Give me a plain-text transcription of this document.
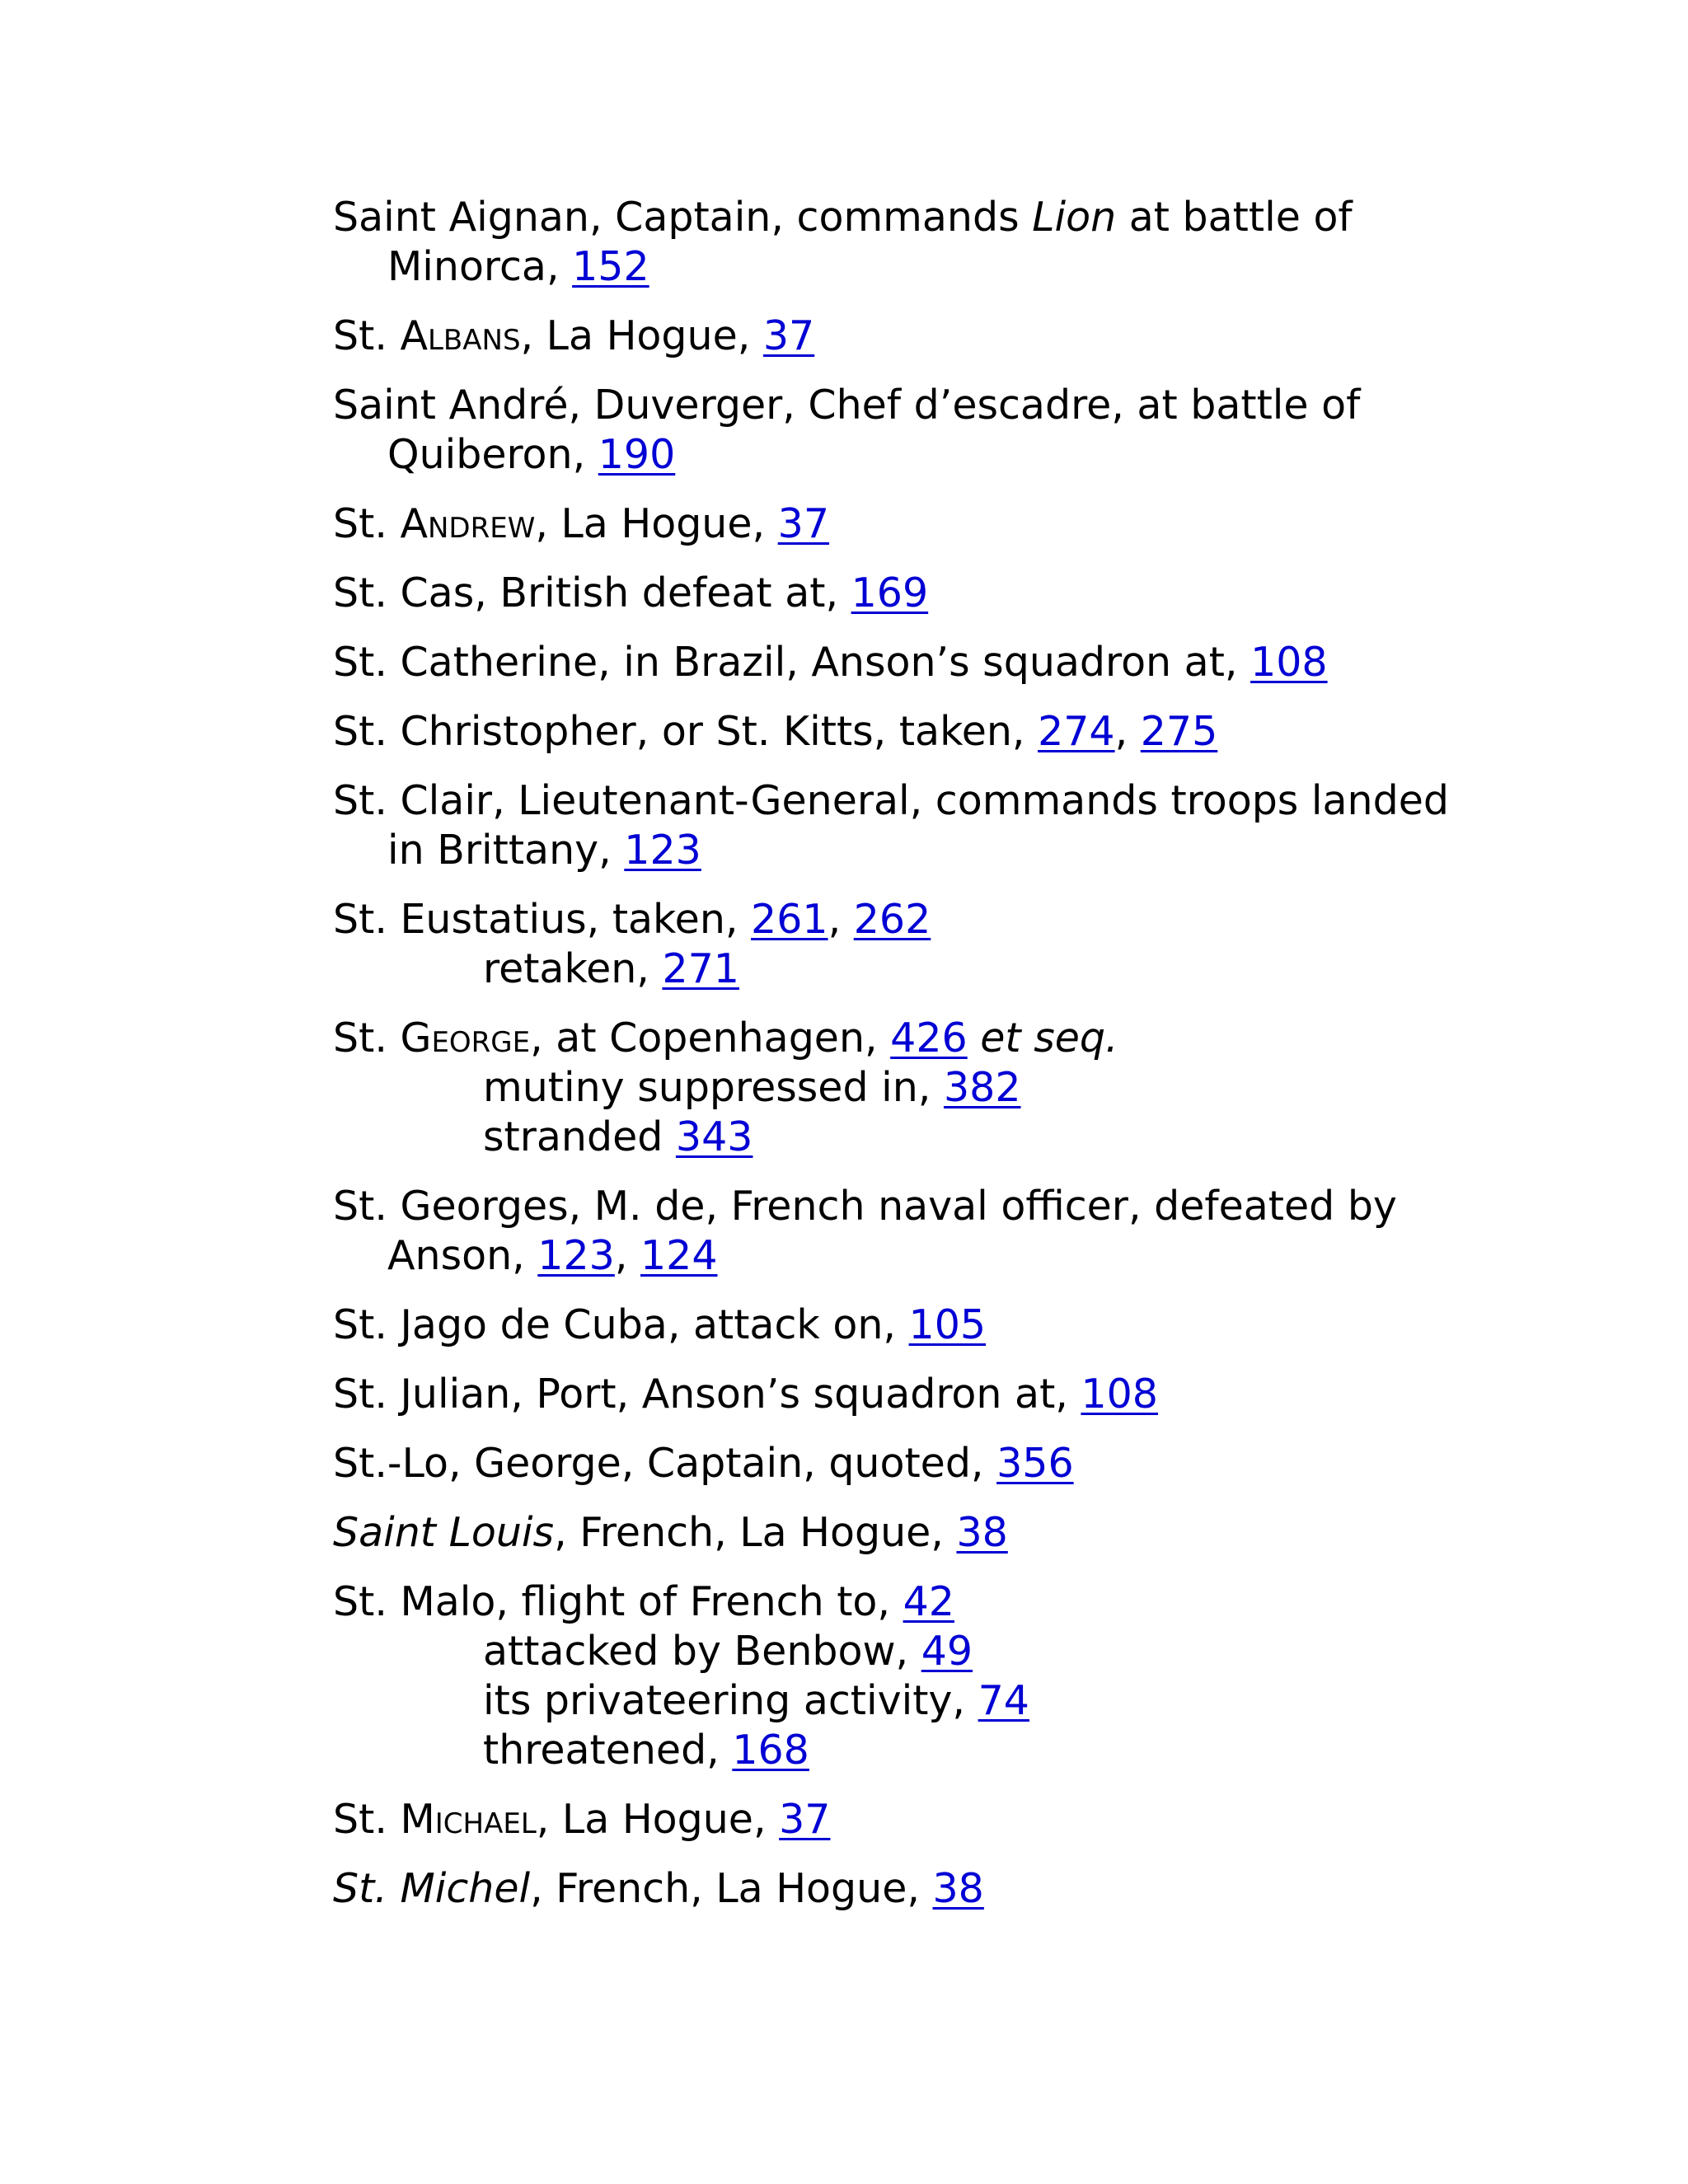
Saint Aignan, Captain, commands Lion at battle of Minorca, 152

St. Albans, La Hogue, 37

Saint André, Duverger, Chef d’escadre, at battle of Quiberon, 190

St. Andrew, La Hogue, 37

St. Cas, British defeat at, 169

St. Catherine, in Brazil, Anson’s squadron at, 108

St. Christopher, or St. Kitts, taken, 274, 275

St. Clair, Lieutenant-General, commands troops landed in Brittany, 123

St. Eustatius, taken, 261, 262
retaken, 271

St. George, at Copenhagen, 426 et seq.
mutiny suppressed in, 382
stranded 343

St. Georges, M. de, French naval officer, defeated by Anson, 123, 124

St. Jago de Cuba, attack on, 105

St. Julian, Port, Anson’s squadron at, 108

St.-Lo, George, Captain, quoted, 356

Saint Louis, French, La Hogue, 38

St. Malo, flight of French to, 42
attacked by Benbow, 49
its privateering activity, 74
threatened, 168

St. Michael, La Hogue, 37

St. Michel, French, La Hogue, 38
